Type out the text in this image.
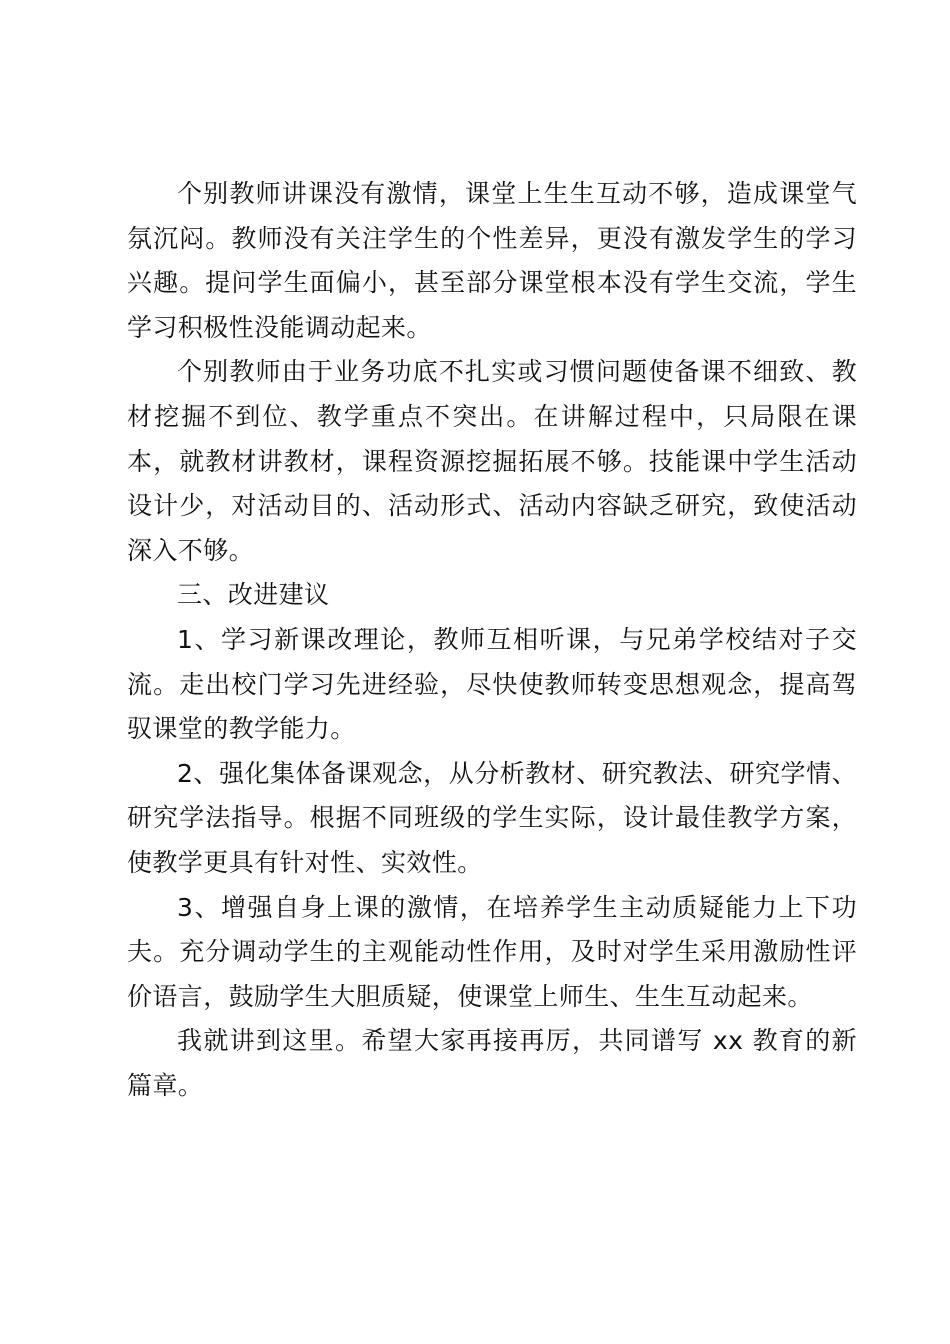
个别教师讲课没有激情，课堂上生生互动不够，造成课堂气氛沉闷。教师没有关注学生的个性差异，更没有激发学生的学习兴趣。提问学生面偏小，甚至部分课堂根本没有学生交流，学生学习积极性没能调动起来。

个别教师由于业务功底不扎实或习惯问题使备课不细致、教材挖掘不到位、教学重点不突出。在讲解过程中，只局限在课本，就教材讲教材，课程资源挖掘拓展不够。技能课中学生活动设计少，对活动目的、活动形式、活动内容缺乏研究，致使活动深入不够。

三、改进建议

1、学习新课改理论，教师互相听课，与兄弟学校结对子交流。走出校门学习先进经验，尽快使教师转变思想观念，提高驾驭课堂的教学能力。

2、强化集体备课观念，从分析教材、研究教法、研究学情、研究学法指导。根据不同班级的学生实际，设计最佳教学方案，使教学更具有针对性、实效性。

3、增强自身上课的激情，在培养学生主动质疑能力上下功夫。充分调动学生的主观能动性作用，及时对学生采用激励性评价语言，鼓励学生大胆质疑，使课堂上师生、生生互动起来。

我就讲到这里。希望大家再接再厉，共同谱写 xx 教育的新篇章。
